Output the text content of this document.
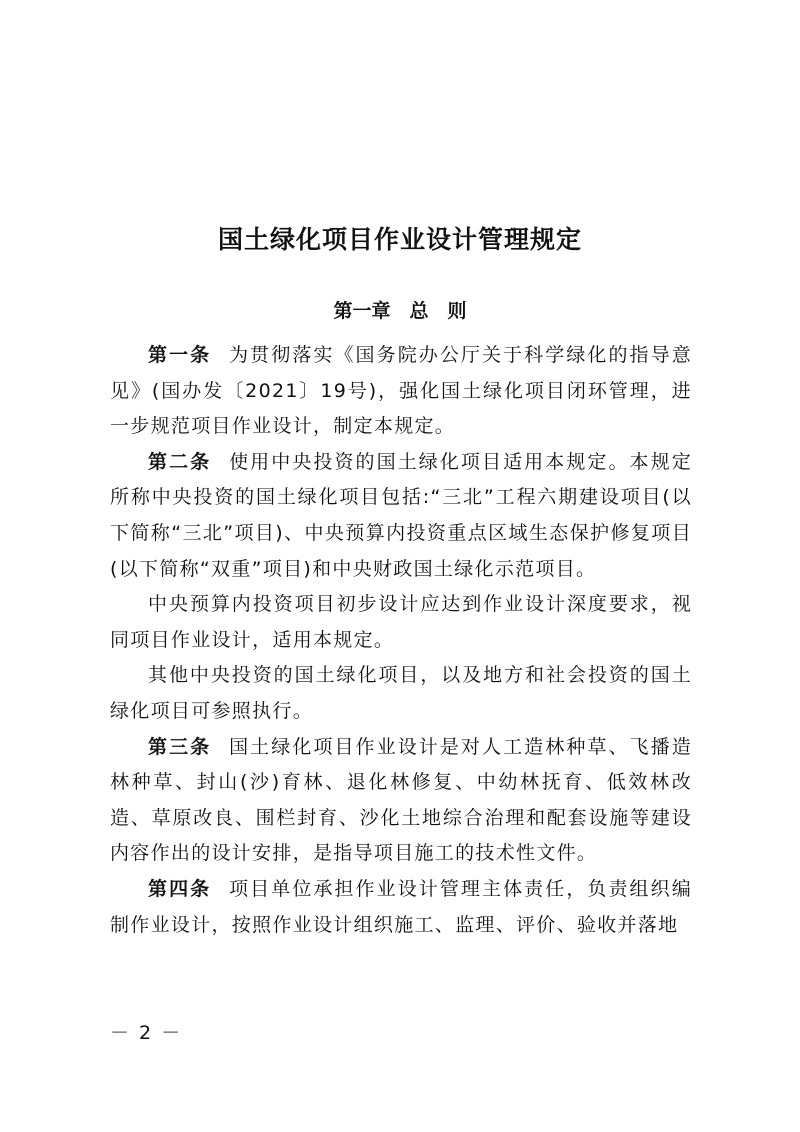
国土绿化项目作业设计管理规定
第一章　总　则

第一条 为贯彻落实《国务院办公厅关于科学绿化的指导意见》(国办发〔2021〕19号)，强化国土绿化项目闭环管理，进一步规范项目作业设计，制定本规定。

第二条 使用中央投资的国土绿化项目适用本规定。本规定所称中央投资的国土绿化项目包括:“三北”工程六期建设项目(以下简称“三北”项目)、中央预算内投资重点区域生态保护修复项目(以下简称“双重”项目)和中央财政国土绿化示范项目。

中央预算内投资项目初步设计应达到作业设计深度要求，视同项目作业设计，适用本规定。

其他中央投资的国土绿化项目，以及地方和社会投资的国土绿化项目可参照执行。

第三条 国土绿化项目作业设计是对人工造林种草、飞播造林种草、封山(沙)育林、退化林修复、中幼林抚育、低效林改造、草原改良、围栏封育、沙化土地综合治理和配套设施等建设内容作出的设计安排，是指导项目施工的技术性文件。

第四条 项目单位承担作业设计管理主体责任，负责组织编制作业设计，按照作业设计组织施工、监理、评价、验收并落地

－ 2 －
